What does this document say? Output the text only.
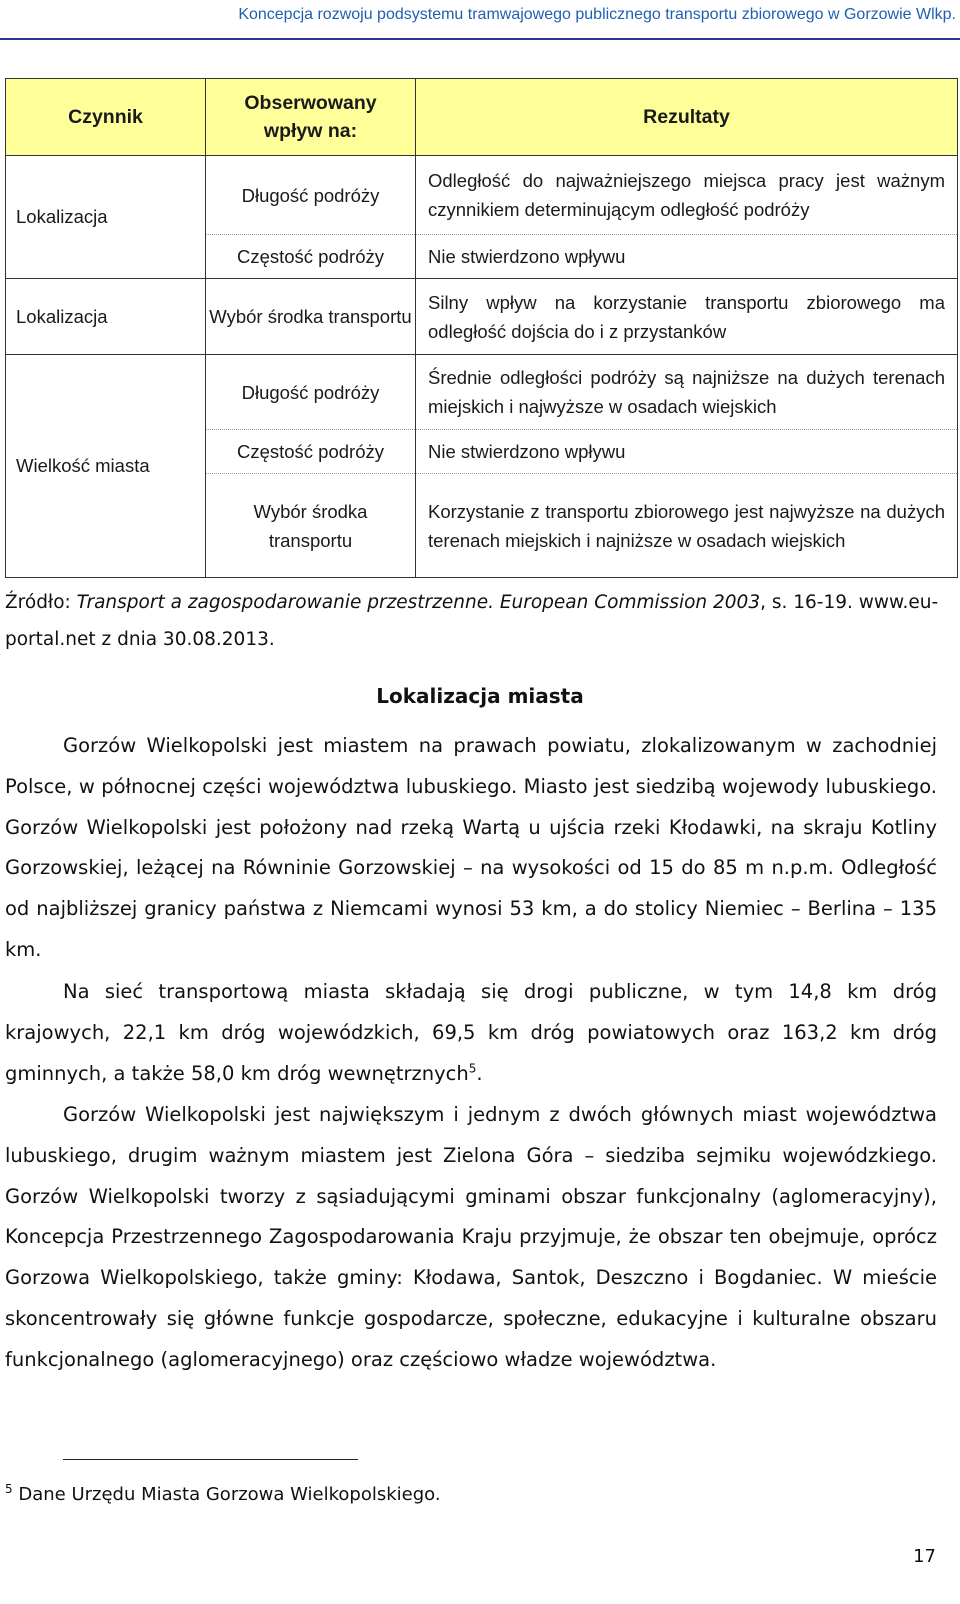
Koncepcja rozwoju podsystemu tramwajowego publicznego transportu zbiorowego w Gorzowie Wlkp.
Czynnik	Obserwowany wpływ na:	Rezultaty
Lokalizacja	Długość podróży	Odległość do najważniejszego miejsca pracy jest ważnym czynnikiem determinującym odległość podróży
	Częstość podróży	Nie stwierdzono wpływu
Lokalizacja	Wybór środka transportu	Silny wpływ na korzystanie transportu zbiorowego ma odległość dojścia do i z przystanków
Wielkość miasta	Długość podróży	Średnie odległości podróży są najniższe na dużych terenach miejskich i najwyższe w osadach wiejskich
	Częstość podróży	Nie stwierdzono wpływu
	Wybór środka transportu	Korzystanie z transportu zbiorowego jest najwyższe na dużych terenach miejskich i najniższe w osadach wiejskich
Źródło: Transport a zagospodarowanie przestrzenne. European Commission 2003, s. 16-19. www.eu-portal.net z dnia 30.08.2013.
Lokalizacja miasta
Gorzów Wielkopolski jest miastem na prawach powiatu, zlokalizowanym w zachodniej Polsce, w północnej części województwa lubuskiego. Miasto jest siedzibą wojewody lubuskiego. Gorzów Wielkopolski jest położony nad rzeką Wartą u ujścia rzeki Kłodawki, na skraju Kotliny Gorzowskiej, leżącej na Równinie Gorzowskiej – na wysokości od 15 do 85 m n.p.m. Odległość od najbliższej granicy państwa z Niemcami wynosi 53 km, a do stolicy Niemiec – Berlina – 135 km.
Na sieć transportową miasta składają się drogi publiczne, w tym 14,8 km dróg krajowych, 22,1 km dróg wojewódzkich, 69,5 km dróg powiatowych oraz 163,2 km dróg gminnych, a także 58,0 km dróg wewnętrznych$^5$.
Gorzów Wielkopolski jest największym i jednym z dwóch głównych miast województwa lubuskiego, drugim ważnym miastem jest Zielona Góra – siedziba sejmiku wojewódzkiego. Gorzów Wielkopolski tworzy z sąsiadującymi gminami obszar funkcjonalny (aglomeracyjny), Koncepcja Przestrzennego Zagospodarowania Kraju przyjmuje, że obszar ten obejmuje, oprócz Gorzowa Wielkopolskiego, także gminy: Kłodawa, Santok, Deszczno i Bogdaniec. W mieście skoncentrowały się główne funkcje gospodarcze, społeczne, edukacyjne i kulturalne obszaru funkcjonalnego (aglomeracyjnego) oraz częściowo władze województwa.
$^5$ Dane Urzędu Miasta Gorzowa Wielkopolskiego.
17
